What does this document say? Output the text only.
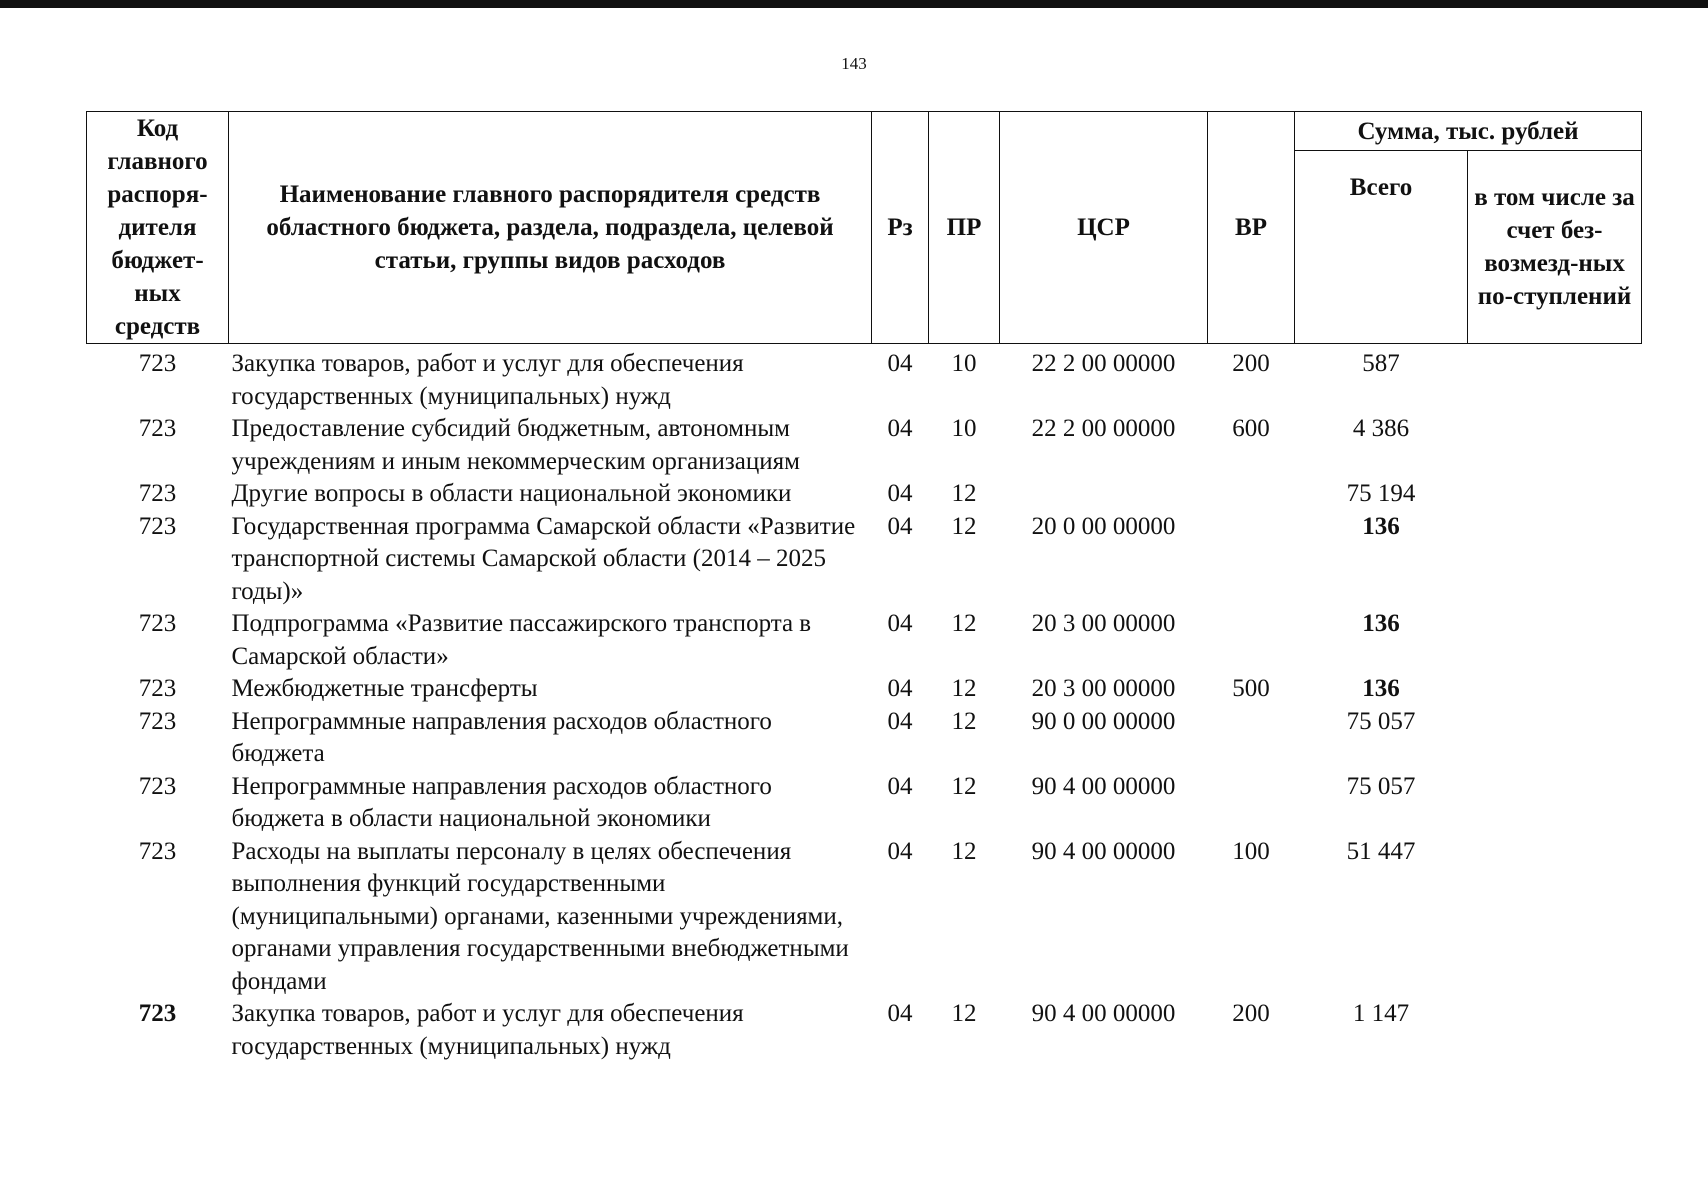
143
Код главного распоря-дителя бюджет-ных средств	Наименование главного распорядителя средств областного бюджета, раздела, подраздела, целевой статьи, группы видов расходов	Рз	ПР	ЦСР	ВР	Сумма, тыс. рублей	
						Всего	в том числе за счет без-возмезд-ных по-ступлений
723	Закупка товаров, работ и услуг для обеспечения государственных (муниципальных) нужд	04	10	22 2 00 00000	200	587	
723	Предоставление субсидий бюджетным, автономным учреждениям и иным некоммерческим организациям	04	10	22 2 00 00000	600	4 386	
723	Другие вопросы в области национальной экономики	04	12			75 194	
723	Государственная программа Самарской области «Развитие транспортной системы Самарской области (2014 – 2025 годы)»	04	12	20 0 00 00000		136	
723	Подпрограмма «Развитие пассажирского транспорта в Самарской области»	04	12	20 3 00 00000		136	
723	Межбюджетные трансферты	04	12	20 3 00 00000	500	136	
723	Непрограммные направления расходов областного бюджета	04	12	90 0 00 00000		75 057	
723	Непрограммные направления расходов областного бюджета в области национальной экономики	04	12	90 4 00 00000		75 057	
723	Расходы на выплаты персоналу в целях обеспечения выполнения функций государственными (муниципальными) органами, казенными учреждениями, органами управления государственными внебюджетными фондами	04	12	90 4 00 00000	100	51 447	
723	Закупка товаров, работ и услуг для обеспечения государственных (муниципальных) нужд	04	12	90 4 00 00000	200	1 147	
